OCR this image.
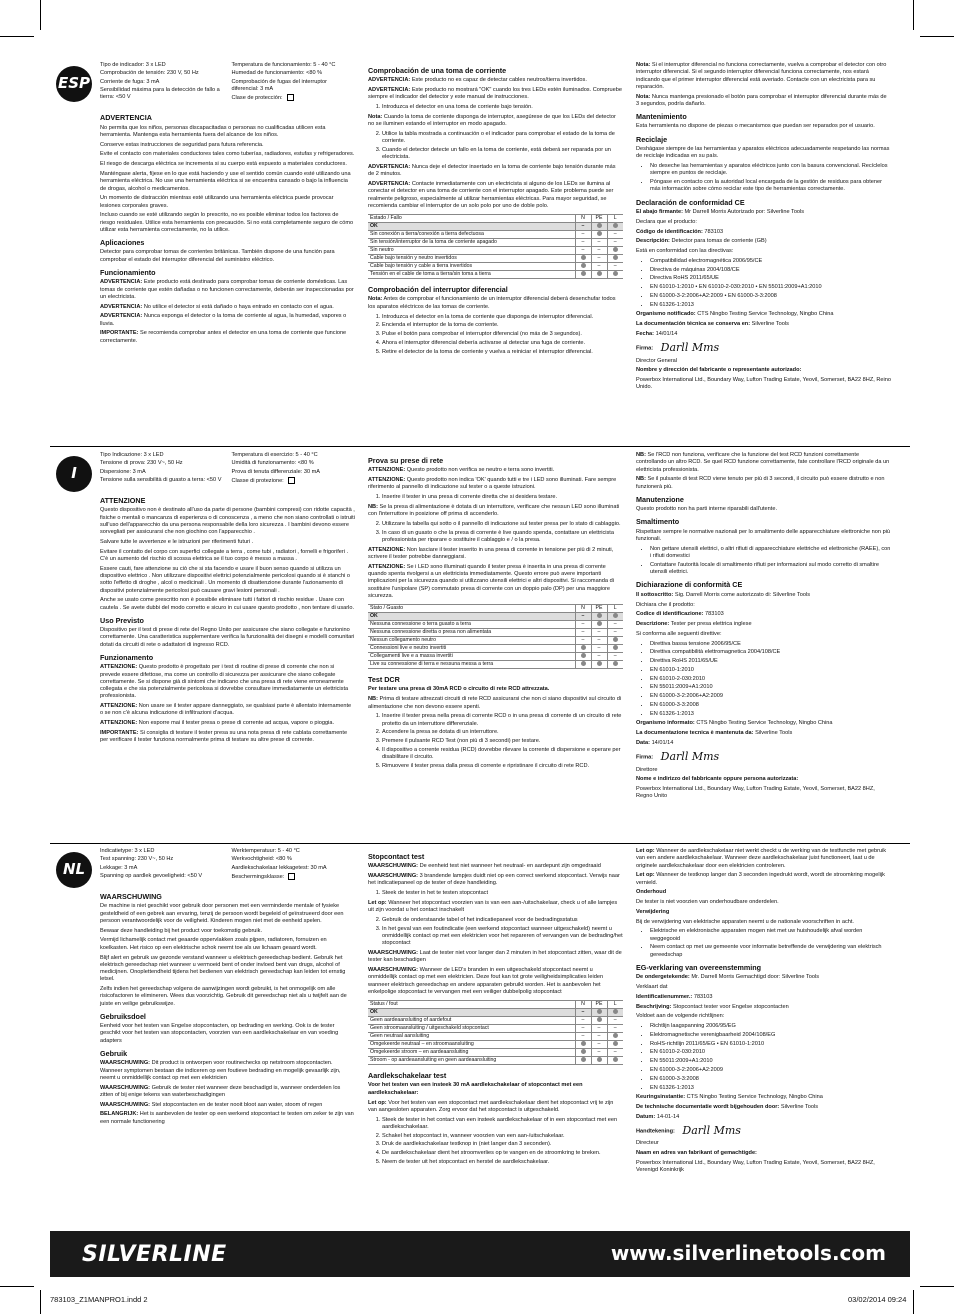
ESP

Tipo de indicador: 3 x LED

Comprobación de tensión: 230 V, 50 Hz

Corriente de fuga: 3 mA

Sensibilidad máxima para la detección de fallo a tierra: <50 V

Temperatura de funcionamiento: 5 - 40 °C

Humedad de funcionamiento: <80 %

Comprobación de fugas del interruptor diferencial: 3 mA

Clase de protección:

ADVERTENCIA

No permita que los niños, personas discapacitadas o personas no cualificadas utilicen esta herramienta. Mantenga esta herramienta fuera del alcance de los niños.

Conserve estas instrucciones de seguridad para futura referencia.

Evite el contacto con materiales conductores tales como tuberías, radiadores, estufas y refrigeradores.

El riesgo de descarga eléctrica se incrementa si su cuerpo está expuesto a materiales conductores.

Manténgase alerta, fíjese en lo que está haciendo y use el sentido común cuando esté utilizando una herramienta eléctrica. No use una herramienta eléctrica si se encuentra cansado o bajo la influencia de drogas, alcohol o medicamentos.

Un momento de distracción mientras esté utilizando una herramienta eléctrica puede provocar lesiones corporales graves.

Incluso cuando se esté utilizando según lo prescrito, no es posible eliminar todos los factores de riesgo residuales. Utilice esta herramienta con precaución. Si no está completamente seguro de cómo utilizar esta herramienta correctamente, no la utilice.

Aplicaciones

Detector para comprobar tomas de corrientes británicas. También dispone de una función para comprobar el estado del interruptor diferencial del suministro eléctrico.

Funcionamiento

ADVERTENCIA: Este producto está destinado para comprobar tomas de corriente domésticas. Las tomas de corriente que estén dañadas o no funcionen correctamente, deberán ser inspeccionadas por un electricista.

ADVERTENCIA: No utilice el detector si está dañado o haya entrado en contacto con el agua.

ADVERTENCIA: Nunca exponga el detector o la toma de corriente al agua, la humedad, vapores o lluvia.

IMPORTANTE: Se recomienda comprobar antes el detector en una toma de corriente que funcione correctamente.

Comprobación de una toma de corriente

ADVERTENCIA: Este producto no es capaz de detectar cables neutros/tierra invertidos.

ADVERTENCIA: Este producto no mostrará "OK" cuando los tres LEDs estén iluminados. Compruebe siempre el indicador del detector y este manual de instrucciones.

1. Introduzca el detector en una toma de corriente bajo tensión.

Nota: Cuando la toma de corriente disponga de interruptor, asegúrese de que los LEDs del detector no se iluminen estando el interruptor en modo apagado.

2. Utilice la tabla mostrada a continuación o el indicador para comprobar el estado de la toma de corriente.
3. Cuando el detector detecte un fallo en la toma de corriente, está deberá ser reparada por un electricista.

ADVERTENCIA: Nunca deje el detector insertado en la toma de corriente bajo tensión durante más de 2 minutos.

ADVERTENCIA: Contacte inmediatamente con un electricista si alguno de los LEDs se ilumina al conectar el detector en una toma de corriente con el interruptor apagado. Este problema puede ser realmente peligroso, especialmente al utilizar herramientas eléctricas. Para mayor seguridad, se recomienda cambiar el interruptor de un solo polo por uno de doble polo.

Estado / Fallo	N	PE	L
OK	–		
Sin conexión a tierra/conexión a tierra defectuosa	–		–
Sin tensión/interruptor de la toma de corriente apagado	–	–	–
Sin neutro	–	–	
Cable bajo tensión y neutro invertidos		–	
Cable bajo tensión y cable a tierra invertidos		–	–
Tensión en el cable de toma a tierra/sin toma a tierra			
Comprobación del interruptor diferencial

Nota: Antes de comprobar el funcionamiento de un interruptor diferencial deberá desenchufar todos los aparatos eléctricos de las tomas de corriente.

1. Introduzca el detector en la toma de corriente que disponga de interruptor diferencial.
2. Encienda el interruptor de la toma de corriente.
3. Pulse el botón para comprobar el interruptor diferencial (no más de 3 segundos).
4. Ahora el interruptor diferencial debería activarse al detectar una fuga de corriente.
5. Retire el detector de la toma de corriente y vuelva a reiniciar el interruptor diferencial.

Nota: Si el interruptor diferencial no funciona correctamente, vuelva a comprobar el detector con otro interruptor diferencial. Si el segundo interruptor diferencial funciona correctamente, nos estará indicando que el primer interruptor diferencial está averiado. Contacte con un electricista para su reparación.

Nota: Nunca mantenga presionado el botón para comprobar el interruptor diferencial durante más de 3 segundos, podría dañarlo.

Mantenimiento

Esta herramienta no dispone de piezas o mecanismos que puedan ser reparados por el usuario.

Reciclaje

Deshágase siempre de las herramientas y aparatos eléctricos adecuadamente respetando las normas de reciclaje indicadas en su país.

• No deseche las herramientas y aparatos eléctricos junto con la basura convencional. Recíclelos siempre en puntos de reciclaje.
• Póngase en contacto con la autoridad local encargada de la gestión de residuos para obtener más información sobre cómo reciclar este tipo de herramientas correctamente.
Declaración de conformidad CE

El abajo firmante: Mr Darrell Morris Autorizado por: Silverline Tools

Declara que el producto:

Código de identificación: 783103

Descripción: Detector para tomas de corriente (GB)

Está en conformidad con las directivas:

• Compatibilidad electromagnética 2006/95/CE
• Directiva de máquinas 2004/108/CE
• Directiva RoHS 2011/65/UE
• EN 61010-1:2010 • EN 61010-2-030:2010 • EN 55011:2009+A1:2010
• EN 61000-3-2:2006+A2:2009 • EN 61000-3-3:2008
• EN 61326-1:2013

Organismo notificado: CTS Ningbo Testing Service Technology, Ningbo China

La documentación técnica se conserva en: Silverline Tools

Fecha: 14/01/14

Firma: Darll Mms

Director General

Nombre y dirección del fabricante o representante autorizado:

Powerbox International Ltd., Boundary Way, Lufton Trading Estate, Yeovil, Somerset, BA22 8HZ, Reino Unido.

I

Tipo Indicazione: 3 x LED

Tensione di prova: 230 V~, 50 Hz

Dispersione: 3 mA

Tensione sulla sensibilità di guasto a terra: <50 V

Temperatura di esercizio: 5 - 40 °C

Umidità di funzionamento: <80 %

Prova di tenuta differenziale: 30 mA

Classe di protezione:

ATTENZIONE

Questo dispositivo non è destinato all'uso da parte di persone (bambini compresi) con ridotte capacità , fisiche o mentali o mancanza di esperienza o di conoscenza , a meno che non siano controllati o istruiti sull'uso dell'apparecchio da una persona responsabile della loro sicurezza . I bambini devono essere sorvegliati per assicurarsi che non giochino con l'apparecchio .

Salvare tutte le avvertenze e le istruzioni per riferimenti futuri .

Evitare il contatto del corpo con superfici collegate a terra , come tubi , radiatori , fornelli e frigoriferi . C'è un aumento del rischio di scossa elettrica se il tuo corpo è messo a massa .

Essere cauti, fare attenzione su ciò che si sta facendo e usare il buon senso quando si utilizza un dispositivo elettrico . Non utilizzare dispositivi elettrici potenzialmente pericolosi quando si è stanchi o sotto l'effetto di droghe , alcol o medicinali . Un momento di disattenzione durante l'azionamento di dispositivi potenzialmente pericolosi può causare gravi lesioni personali .

Anche se usato come prescritto non è possibile eliminare tutti i fattori di rischio residue . Usare con cautela . Se avete dubbi del modo corretto e sicuro in cui usare questo prodotto , non tentare di usarlo.

Uso Previsto

Dispositivo per il test di prese di rete del Regno Unito per assicurare che siano collegate e funzionino correttamente. Una caratteristica supplementare verifica la funzionalità dei disegni e modelli comunitari dotati da circuiti di rete o adattatori di ingresso RCD.

Funzionamento

ATTENZIONE: Questo prodotto è progettato per i test di routine di prese di corrente che non si prevede essere difettose, ma come un controllo di sicurezza per assicurare che siano collegate correttamente. Se si dispone già di sintomi che indicano che una presa di rete viene erroneamente collegata e che sia potenzialmente pericolosa si dovrebbe consultare immediatamente un elettricista professionista.

ATTENZIONE: Non usare se il tester appare danneggiato, se qualsiasi parte è allentato internamente o se non c'è alcuna indicazione di infiltrazioni d'acqua.

ATTENZIONE: Non esporre mai il tester presa o prese di corrente ad acqua, vapore o pioggia.

IMPORTANTE: Si consiglia di testare il tester presa su una nota presa di rete cablata correttamente per verificare il tester funziona normalmente prima di testare su altre prese di corrente.

Prova su prese di rete

ATTENZIONE: Questo prodotto non verifica se neutro e terra sono invertiti.

ATTENZIONE: Questo prodotto non indica 'OK' quando tutti e tre i LED sono illuminati. Fare sempre riferimento al pannello di indicazione sul tester o a queste istruzioni.

1. Inserire il tester in una presa di corrente diretta che si desidera testare.

NB: Se la presa di alimentazione è dotata di un interruttore, verificare che nessun LED sono illuminati con l'interruttore in posizione off prima di accenderlo.

2. Utilizzare la tabella qui sotto o il pannello di indicazione sul tester presa per lo stato di cablaggio.
3. In caso di un guasto o che la presa di corrente è live quando spenda, contattare un elettricista professionista per riparare o sostituire il cablaggio e / o la presa.

ATTENZIONE: Non lasciare il tester inserito in una presa di corrente in tensione per più di 2 minuti, scrivere il tester potrebbe danneggiarsi.

ATTENZIONE: Se i LED sono illuminati quando il tester presa è inserita in una presa di corrente quando spenta rivolgersi a un elettricista immediatamente. Questo errore può avere importanti implicazioni per la sicurezza quando si utilizzano utensili elettrici e altri dispositivi. Si raccomanda di sostituire l'unipolare (SP) commutato presa di corrente con un doppio palo (DP) per una maggiore sicurezza.

Stato / Guasto	N	PE	L
OK	–		
Nessuna connessione o terra guasto a terra	–		–
Nessuna connessione diretta o presa non alimentata	–	–	–
Nessun collegamento neutro	–	–	
Connessioni live e neutro invertiti		–	
Collegamenti live e a massa invertiti		–	–
Live su connessione di terra e nessuna messa a terra			
Test DCR

Per testare una presa di 30mA RCD o circuito di rete RCD attrezzata.

NB: Prima di testare attrezzati circuiti di rete RCD assicurarsi che non ci siano dispositivi sul circuito di alimentazione che non devono essere spenti.

1. Inserire il tester presa nella presa di corrente RCD o in una presa di corrente di un circuito di rete protetto da un interruttore differenziale.
2. Accendere la presa se dotata di un interruttore.
3. Premere il pulsante RCD Test (non più di 3 secondi) per testare.
4. Il dispositivo a corrente residua (RCD) dovrebbe rilevare la corrente di dispersione e operare per disabilitare il circuito.
5. Rimuovere il tester presa dalla presa di corrente e ripristinare il circuito di rete RCD.

NB: Se l'RCD non funziona, verificare che la funzione del test RCD funzioni correttamente controllando un altro RCD. Se quel RCD funzione correttamente, fate controllare l'RCD originale da un elettricista professionista.

NB: Se il pulsante di test RCD viene tenuto per più di 3 secondi, il circuito può essere distrutto e non funzionerà più.

Manutenzione

Questo prodotto non ha parti interne riparabili dall'utente.

Smaltimento

Rispettare sempre le normative nazionali per lo smaltimento delle apparecchiature elettroniche non più funzionali.

• Non gettare utensili elettrici, o altri rifiuti di apparecchiature elettriche ed elettroniche (RAEE), con i rifiuti domestici
• Contattare l'autorità locale di smaltimento rifiuti per informazioni sul modo corretto di smaltire utensili elettrici.
Dichiarazione di conformità CE

Il sottoscritto: Sig. Darrell Morris come autorizzato di: Silverline Tools

Dichiara che il prodotto:

Codice di identificazione: 783103

Descrizione: Tester per presa elettrica inglese

Si conforma alle seguenti direttive:

• Direttiva bassa tensione 2006/95/CE
• Direttiva compatibilità elettromagnetica 2004/108/CE
• Direttiva RoHS 2011/65/UE
• EN 61010-1:2010
• EN 61010-2-030:2010
• EN 55011:2009+A1:2010
• EN 61000-3-2:2006+A2:2009
• EN 61000-3-3:2008
• EN 61326-1:2013

Organismo informato: CTS Ningbo Testing Service Technology, Ningbo China

La documentazione tecnica è mantenuta da: Silverline Tools

Data: 14/01/14

Firma: Darll Mms

Direttore

Nome e indirizzo del fabbricante oppure persona autorizzata:

Powerbox International Ltd., Boundary Way, Lufton Trading Estate, Yeovil, Somerset, BA22 8HZ, Regno Unito

NL

Indicatietype: 3 x LED

Test spanning: 230 V~, 50 Hz

Lekkage: 3 mA

Spanning op aardlek gevoeligheid: <50 V

Werktemperatuur: 5 - 40 °C

Werkvochtigheid: <80 %

Aardlekschakelaar lekkagetest: 30 mA

Beschermingsklasse:

WAARSCHUWING

De machine is niet geschikt voor gebruik door personen met een verminderde mentale of fysieke gesteldheid of een gebrek aan ervaring, tenzij de persoon wordt begeleid of geïnstrueerd door een persoon verantwoordelijk voor de veiligheid. Kinderen mogen niet met de eenheid spelen.

Bewaar deze handleiding bij het product voor toekomstig gebruik.

Vermijd lichamelijk contact met geaarde oppervlakken zoals pijpen, radiatoren, fornuizen en koelkasten. Het risico op een elektrische schok neemt toe als uw lichaam geaard wordt.

Blijf alert en gebruik uw gezonde verstand wanneer u elektrisch gereedschap bedient. Gebruik het elektrisch gereedschap niet wanneer u vermoeid bent of onder invloed bent van drugs, alcohol of medicijnen. Onoplettendheid tijdens het bedienen van elektrisch gereedschap kan leiden tot ernstig letsel.

Zelfs indien het gereedschap volgens de aanwijzingen wordt gebruikt, is het onmogelijk om alle risicofactoren te elimineren. Wees dus voorzichtig. Gebruik dit gereedschap niet als u twijfelt aan de juiste en veilige gebruikswijze.

Gebruiksdoel

Eenheid voor het testen van Engelse stopcontacten, op bedrading en werking. Ook is de tester geschikt voor het testen van stopcontacten, voorzien van een aardlekschakelaar en van voeding adapters

Gebruik

WAARSCHUWING: Dit product is ontworpen voor routinechecks op netstroom stopcontacten. Wanneer symptomen bestaan die indiceren op een foutieve bedrading en mogelijk gevaarlijk zijn, neemt u onmiddellijk contact op met een elektricien

WAARSCHUWING: Gebruik de tester niet wanneer deze beschadigd is, wanneer onderdelen los zitten of bij enige tekens van waterbeschadigingen

WAARSCHUWING: Stel stopcontacten en de tester nooit bloot aan water, stoom of regen

BELANGRIJK: Het is aanbevolen de tester op een werkend stopcontact te testen om zeker te zijn van een normale functionering

Stopcontact test

WAARSCHUWING: De eenheid test niet wanneer het neutraal- en aardepunt zijn omgedraaid

WAARSCHUWING: 3 brandende lampjes duidt niet op een correct werkend stopcontact. Verwijs naar het indicatiepaneel op de tester of deze handleiding.

1. Steek de tester in het te testen stopcontact

Let op: Wanneer het stopcontact voorzien van is van een aan-/uitschakelaar, check u of alle lampjes uit zijn voordat u het contact inschakelt

2. Gebruik de onderstaande tabel of het indicatiepaneel voor de bedradingsstatus
3. In het geval van een foutindicatie (een werkend stopcontact wanneer uitgeschakeld) neemt u onmiddellijk contact op met een elektricien voor het repareren of vervangen van de bedrading/het stopcontact

WAARSCHUWING: Laat de tester niet voor langer dan 2 minuten in het stopcontact zitten, waar dit de tester kan beschadigen

WAARSCHUWING: Wanneer de LED's branden in een uitgeschakeld stopcontact neemt u onmiddellijk contact op met een elektricien. Deze fout kan tot grote veiligheidsimplicaties leiden wanneer elektrisch gereedschap en andere apparaten gebruikt worden. Het is aanbevolen het enkelpolige stopcontact te vervangen met een veiliger dubbelpolig stopcontact

Status / fout	N	PE	L
OK	–		
Geen aardeaansluiting of aardefout	–		–
Geen stroomaansluiting / uitgeschakeld stopcontact	–	–	–
Geen neutraal aansluiting	–	–	
Omgekeerde neutraal – en stroomaansluiting		–	
Omgekeerde stroom – en aardeaansluiting		–	–
Stroom - op aardeaansluiting en geen aardeaansluiting			
Aardlekschakelaar test

Voor het testen van een insteek 30 mA aardlekschakelaar of stopcontact met een aardlekschakelaar:

Let op: Voor het testen van een stopcontact met aardlekschakelaar dient het stopcontact vrij te zijn van aangesloten apparaten. Zorg ervoor dat het stopcontact is uitgeschakeld.

1. Steek de tester in het contact van een insteek aardlekschakelaar of in een stopcontact met een aardlekschakelaar.
2. Schakel het stopcontact in, wanneer voorzien van een aan-/uitschakelaar.
3. Druk de aardlekschakelaar testknop in (niet langer dan 3 seconden).
4. De aardlekschakelaar dient het stroomverlies op te vangen en de stroomkring te breken.
5. Neem de tester uit het stopcontact en herstel de aardlekschakelaar.

Let op: Wanneer de aardlekschakelaar niet werkt checkt u de werking van de testfunctie met gebruik van een andere aardlekschakelaar. Wanneer deze aardlekschakelaar juist functioneert, laat u de originele aardlekschakelaar door een elektricien controleren.

Let op: Wanneer de testknop langer dan 3 seconden ingedrukt wordt, wordt de stroomkring mogelijk vernield.

Onderhoud

De tester is niet voorzien van onderhoudbare onderdelen.

Verwijdering

Bij de verwijdering van elektrische apparaten neemt u de nationale voorschriften in acht.

• Elektrische en elektronische apparaten mogen niet met uw huishoudelijk afval worden weggegooid
• Neem contact op met uw gemeente voor informatie betreffende de verwijdering van elektrisch gereedschap
EG-verklaring van overeenstemming

De ondergetekende: Mr. Darrell Morris Gemachtigd door: Silverline Tools

Verklaart dat

Identificatienummer.: 783103

Beschrijving: Stopcontact tester voor Engelse stopcontacten

Voldoet aan de volgende richtlijnen:

• Richtlijn laagspanning 2006/95/EG
• Elektromagnetische verenigbaarheid 2004/108/EG
• RoHS-richtlijn 2011/65/EG • EN 61010-1:2010
• EN 61010-2-030:2010
• EN 55011:2009+A1:2010
• EN 61000-3-2:2006+A2:2009
• EN 61000-3-3:2008
• EN 61326-1:2013

Keuringsinstantie: CTS Ningbo Testing Service Technology, Ningbo China

De technische documentatie wordt bijgehouden door: Silverline Tools

Datum: 14-01-14

Handtekening: Darll Mms

Directeur

Naam en adres van fabrikant of gemachtigde:

Powerbox International Ltd., Boundary Way, Lufton Trading Estate, Yeovil, Somerset, BA22 8HZ, Verenigd Koninkrijk

SILVERLINE	www.silverlinetools.com
783103_Z1MANPRO1.indd 2	03/02/2014 09:24
